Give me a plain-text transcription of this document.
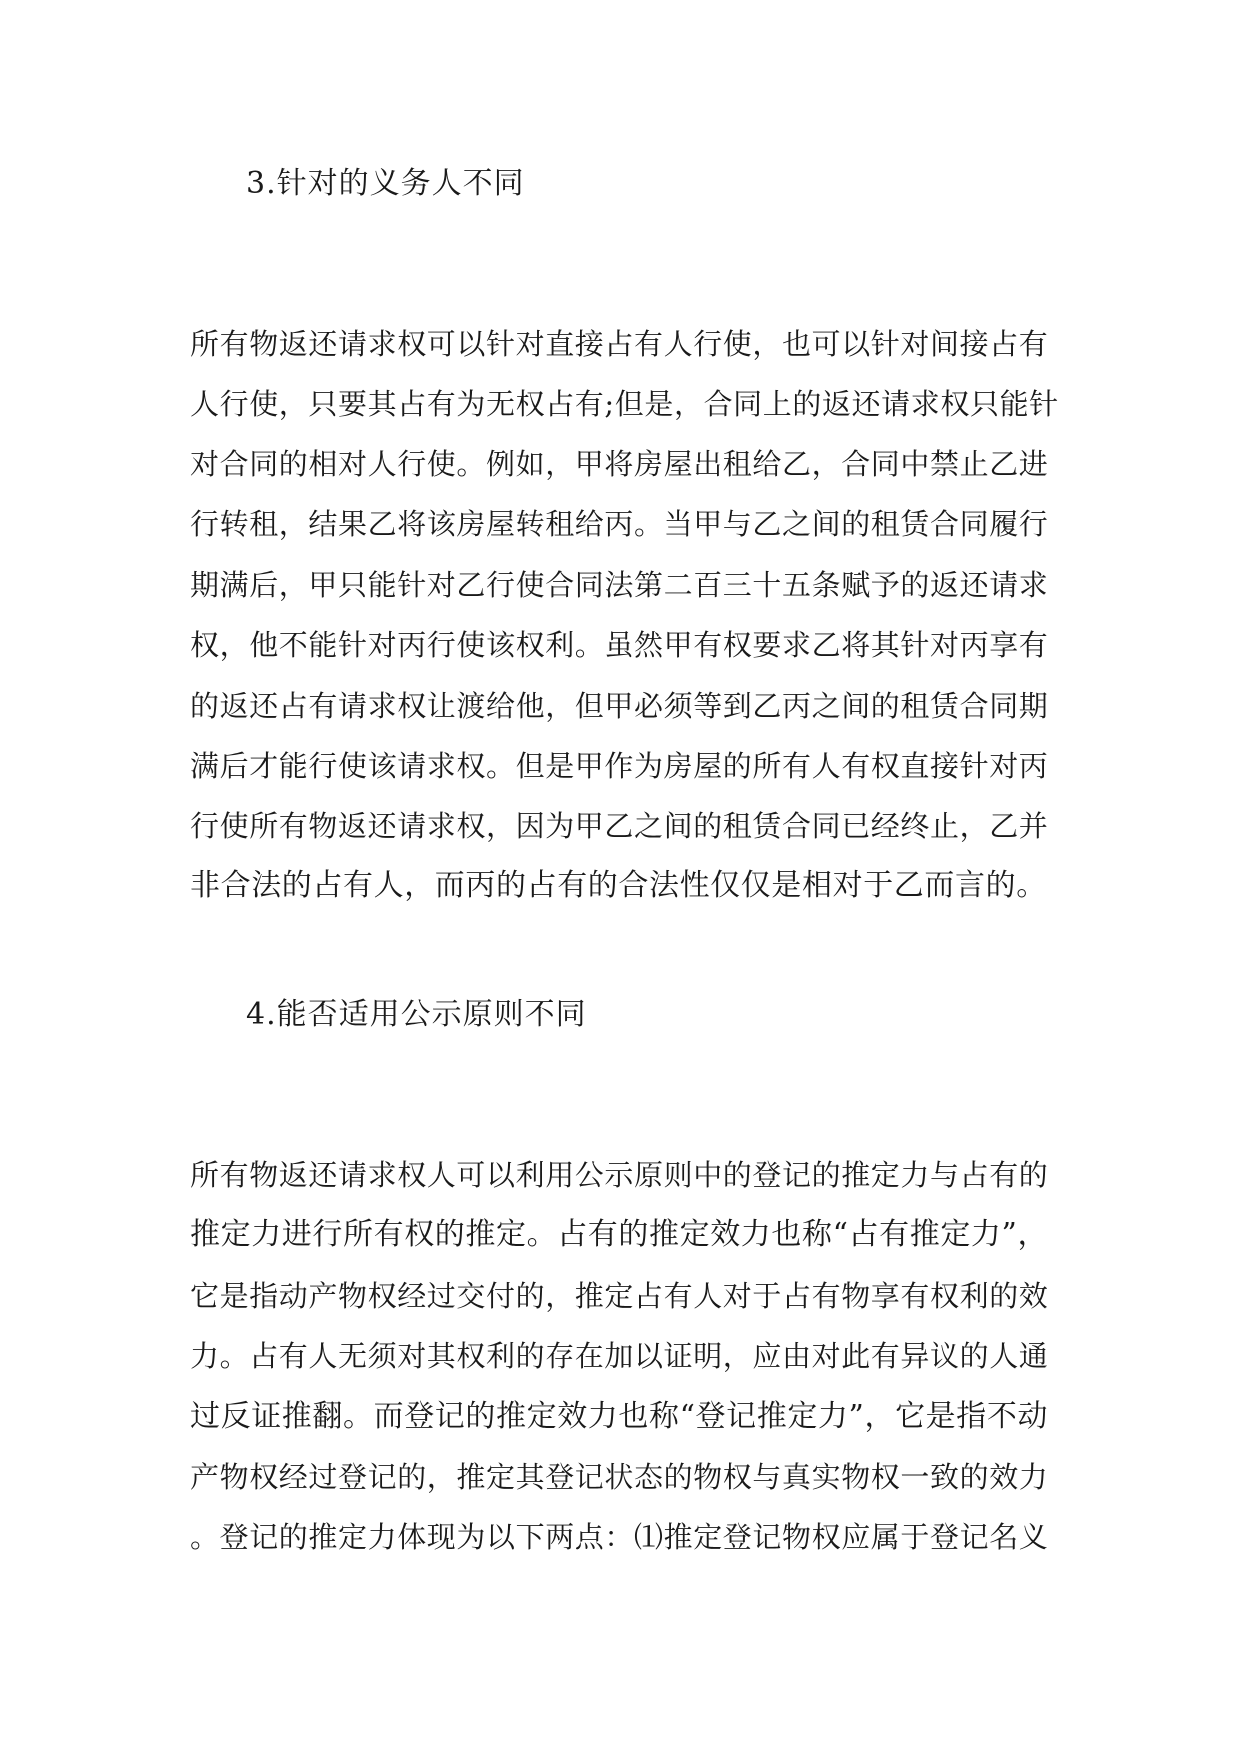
3.针对的义务人不同
所有物返还请求权可以针对直接占有人行使，也可以针对间接占有
人行使，只要其占有为无权占有;但是，合同上的返还请求权只能针
对合同的相对人行使。例如，甲将房屋出租给乙，合同中禁止乙进
行转租，结果乙将该房屋转租给丙。当甲与乙之间的租赁合同履行
期满后，甲只能针对乙行使合同法第二百三十五条赋予的返还请求
权，他不能针对丙行使该权利。虽然甲有权要求乙将其针对丙享有
的返还占有请求权让渡给他，但甲必须等到乙丙之间的租赁合同期
满后才能行使该请求权。但是甲作为房屋的所有人有权直接针对丙
行使所有物返还请求权，因为甲乙之间的租赁合同已经终止，乙并
非合法的占有人，而丙的占有的合法性仅仅是相对于乙而言的。
4.能否适用公示原则不同
所有物返还请求权人可以利用公示原则中的登记的推定力与占有的
推定力进行所有权的推定。占有的推定效力也称“占有推定力”，
它是指动产物权经过交付的，推定占有人对于占有物享有权利的效
力。占有人无须对其权利的存在加以证明，应由对此有异议的人通
过反证推翻。而登记的推定效力也称“登记推定力”，它是指不动
产物权经过登记的，推定其登记状态的物权与真实物权一致的效力
。登记的推定力体现为以下两点：⑴推定登记物权应属于登记名义
